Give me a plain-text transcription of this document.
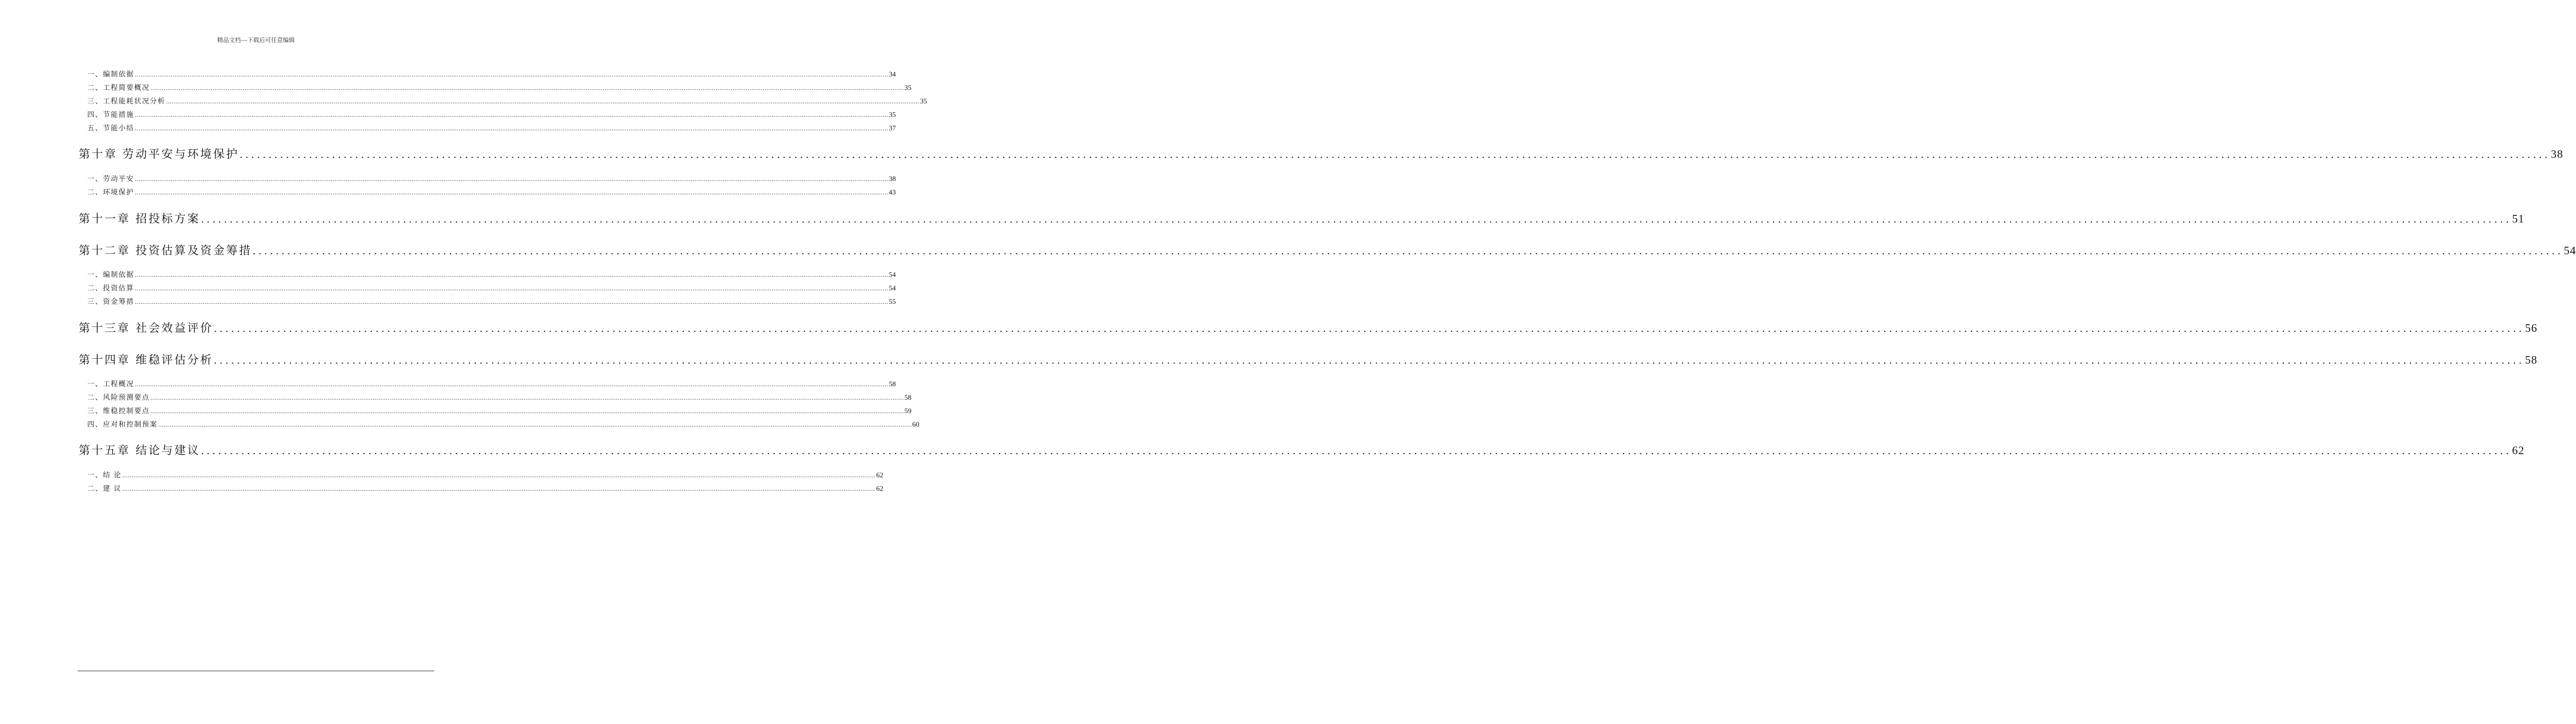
精品文档---下载后可任意编辑
一、编制依据 ................................................................................................................................................................................................................................................................................................................................................................................................................ 34
二、工程简要概况 ................................................................................................................................................................................................................................................................................................................................................................................................................ 35
三、工程能耗状况分析 ................................................................................................................................................................................................................................................................................................................................................................................................................ 35
四、节能措施 ................................................................................................................................................................................................................................................................................................................................................................................................................ 35
五、节能小结 ................................................................................................................................................................................................................................................................................................................................................................................................................ 37
第十章 劳动平安与环境保护 ................................................................................................................................................................................................................................................................................................................................................................................................................ 38
一、劳动平安 ................................................................................................................................................................................................................................................................................................................................................................................................................ 38
二、环境保护 ................................................................................................................................................................................................................................................................................................................................................................................................................ 43
第十一章 招投标方案 ................................................................................................................................................................................................................................................................................................................................................................................................................ 51
第十二章 投资估算及资金筹措 ................................................................................................................................................................................................................................................................................................................................................................................................................ 54
一、编制依据 ................................................................................................................................................................................................................................................................................................................................................................................................................ 54
二、投资估算 ................................................................................................................................................................................................................................................................................................................................................................................................................ 54
三、资金筹措 ................................................................................................................................................................................................................................................................................................................................................................................................................ 55
第十三章 社会效益评价 ................................................................................................................................................................................................................................................................................................................................................................................................................ 56
第十四章 维稳评估分析 ................................................................................................................................................................................................................................................................................................................................................................................................................ 58
一、工程概况 ................................................................................................................................................................................................................................................................................................................................................................................................................ 58
二、风险预测要点 ................................................................................................................................................................................................................................................................................................................................................................................................................ 58
三、维稳控制要点 ................................................................................................................................................................................................................................................................................................................................................................................................................ 59
四、应对和控制预案 ................................................................................................................................................................................................................................................................................................................................................................................................................ 60
第十五章 结论与建议 ................................................................................................................................................................................................................................................................................................................................................................................................................ 62
一、结 论 ................................................................................................................................................................................................................................................................................................................................................................................................................ 62
二、建 议 ................................................................................................................................................................................................................................................................................................................................................................................................................ 62
